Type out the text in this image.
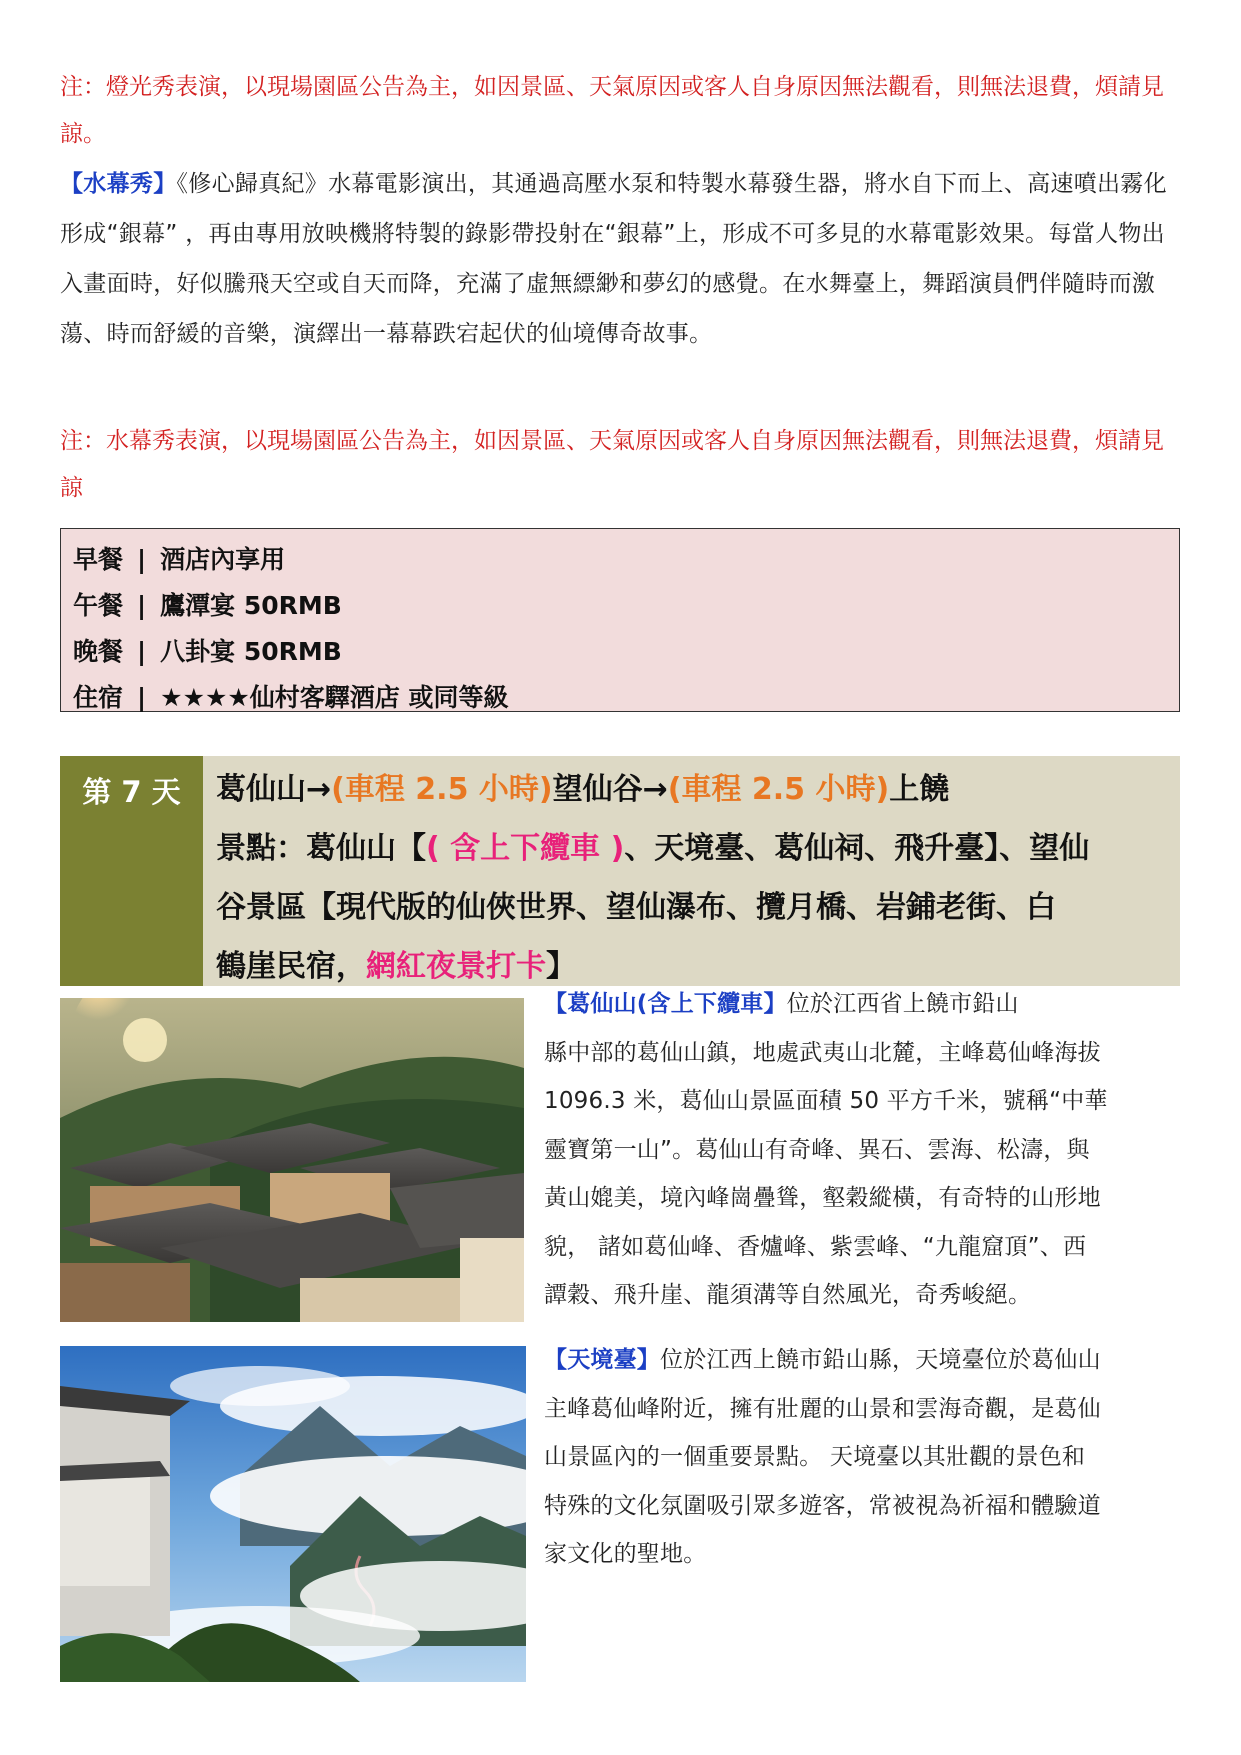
注：燈光秀表演，以現場園區公告為主，如因景區、天氣原因或客人自身原因無法觀看，則無法退費，煩請見諒。
【水幕秀】《修心歸真紀》水幕電影演出，其通過高壓水泵和特製水幕發生器，將水自下而上、高速噴出霧化形成“銀幕” ，再由專用放映機將特製的錄影帶投射在“銀幕”上，形成不可多見的水幕電影效果。每當人物出入畫面時，好似騰飛天空或自天而降，充滿了虛無縹緲和夢幻的感覺。在水舞臺上，舞蹈演員們伴隨時而激蕩、時而舒緩的音樂，演繹出一幕幕跌宕起伏的仙境傳奇故事。
注：水幕秀表演，以現場園區公告為主，如因景區、天氣原因或客人自身原因無法觀看，則無法退費，煩請見諒
早餐 | 酒店內享用
午餐 | 鷹潭宴 50RMB
晚餐 | 八卦宴 50RMB
住宿 | ★★★★仙村客驛酒店 或同等級
第 7 天	葛仙山→(車程 2.5 小時)望仙谷→(車程 2.5 小時)上饒
景點：葛仙山【( 含上下纜車 )、天境臺、葛仙祠、飛升臺】、望仙
谷景區【現代版的仙俠世界、望仙瀑布、攬月橋、岩鋪老街、白
鶴崖民宿，網紅夜景打卡】
【葛仙山(含上下纜車】位於江西省上饒市鉛山
縣中部的葛仙山鎮，地處武夷山北麓，主峰葛仙峰海拔
1096.3 米，葛仙山景區面積 50 平方千米，號稱“中華
靈寶第一山”。葛仙山有奇峰、異石、雲海、松濤，與
黃山媲美，境內峰崗疊聳，壑穀縱橫，有奇特的山形地
貌， 諸如葛仙峰、香爐峰、紫雲峰、“九龍窟頂”、西
譚穀、飛升崖、龍須溝等自然風光，奇秀峻絕。
【天境臺】位於江西上饒市鉛山縣，天境臺位於葛仙山
主峰葛仙峰附近，擁有壯麗的山景和雲海奇觀，是葛仙
山景區內的一個重要景點。 天境臺以其壯觀的景色和
特殊的文化氛圍吸引眾多遊客，常被視為祈福和體驗道
家文化的聖地。
